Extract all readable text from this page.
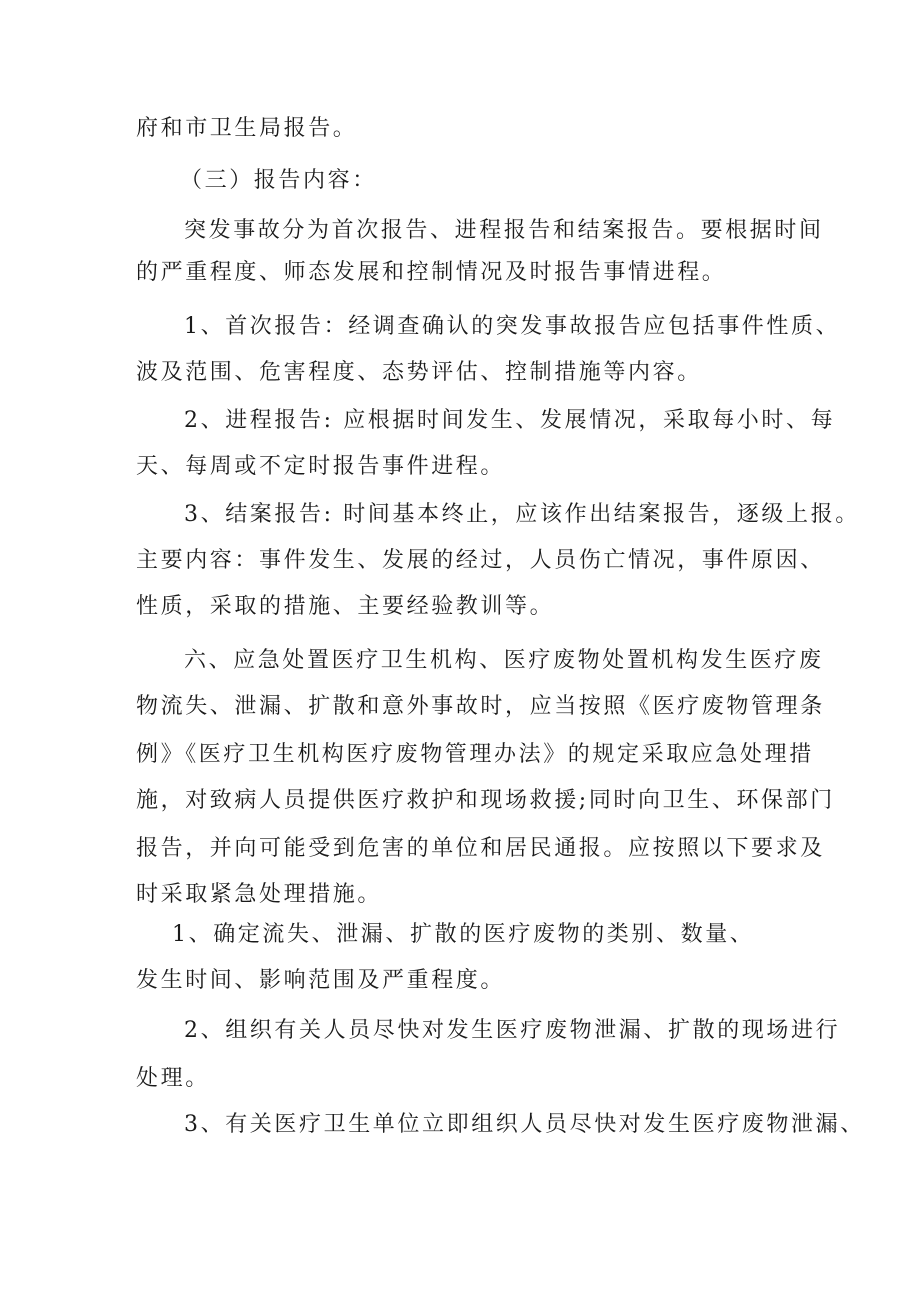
府和市卫生局报告。
（三）报告内容：
突发事故分为首次报告、进程报告和结案报告。要根据时间
的严重程度、师态发展和控制情况及时报告事情进程。
1、首次报告：经调查确认的突发事故报告应包括事件性质、
波及范围、危害程度、态势评估、控制措施等内容。
2、进程报告: 应根据时间发生、发展情况，采取每小时、每
天、每周或不定时报告事件进程。
3、结案报告: 时间基本终止，应该作出结案报告，逐级上报。
主要内容：事件发生、发展的经过，人员伤亡情况，事件原因、
性质，采取的措施、主要经验教训等。
六、应急处置医疗卫生机构、医疗废物处置机构发生医疗废
物流失、泄漏、扩散和意外事故时，应当按照《医疗废物管理条
例》《医疗卫生机构医疗废物管理办法》的规定采取应急处理措
施，对致病人员提供医疗救护和现场救援;同时向卫生、环保部门
报告，并向可能受到危害的单位和居民通报。应按照以下要求及
时采取紧急处理措施。
1、确定流失、泄漏、扩散的医疗废物的类别、数量、
发生时间、影响范围及严重程度。
2、组织有关人员尽快对发生医疗废物泄漏、扩散的现场进行
处理。
3、有关医疗卫生单位立即组织人员尽快对发生医疗废物泄漏、
